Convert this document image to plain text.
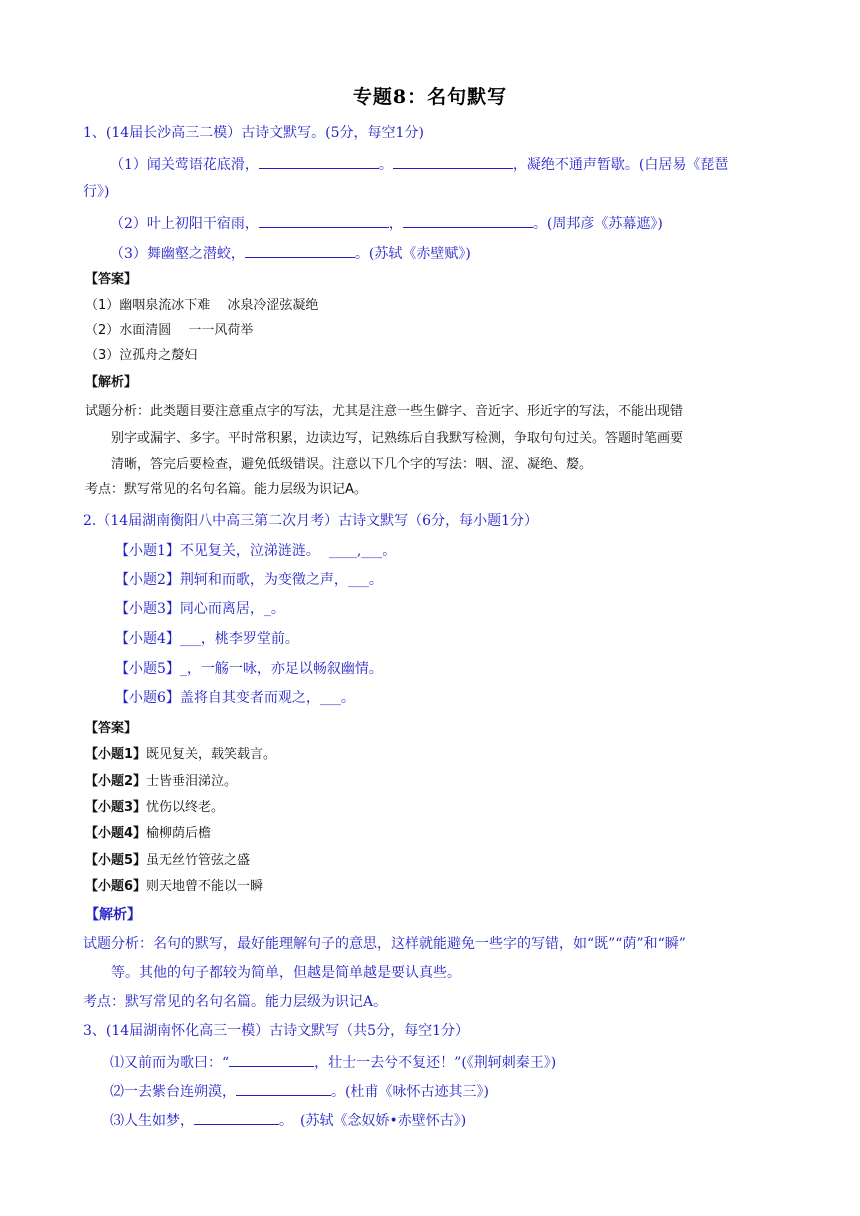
专题8：名句默写
1、(14届长沙高三二模）古诗文默写。(5分，每空1分)
（1）闻关莺语花底滑，	。	，凝绝不通声暂歇。(白居易《琵琶
行》)
（2）叶上初阳干宿雨，	，	。(周邦彦《苏幕遮》)
（3）舞幽壑之潜蛟，	。(苏轼《赤壁赋》)
【答案】
（1）幽咽泉流冰下难　 冰泉冷涩弦凝绝
（2）水面清圆　 一一风荷举
（3）泣孤舟之嫠妇
【解析】
试题分析：此类题目要注意重点字的写法，尤其是注意一些生僻字、音近字、形近字的写法，不能出现错
别字或漏字、多字。平时常积累，边读边写，记熟练后自我默写检测，争取句句过关。答题时笔画要
清晰，答完后要检查，避免低级错误。注意以下几个字的写法：咽、涩、凝绝、嫠。
考点：默写常见的名句名篇。能力层级为识记A。
2.（14届湖南衡阳八中高三第二次月考）古诗文默写（6分，每小题1分）
【小题1】不见复关，泣涕涟涟。 ____,___。
【小题2】荆轲和而歌，为变徵之声，___。
【小题3】同心而离居，_。
【小题4】___，桃李罗堂前。
【小题5】_，一觞一咏，亦足以畅叙幽情。
【小题6】盖将自其变者而观之，___。
【答案】
【小题1】既见复关，载笑载言。
【小题2】士皆垂泪涕泣。
【小题3】忧伤以终老。
【小题4】榆柳荫后檐
【小题5】虽无丝竹管弦之盛
【小题6】则天地曾不能以一瞬
【解析】
试题分析：名句的默写，最好能理解句子的意思，这样就能避免一些字的写错，如“既”“荫”和“瞬”
等。其他的句子都较为简单，但越是简单越是要认真些。
考点：默写常见的名句名篇。能力层级为识记A。
3、(14届湖南怀化高三一模）古诗文默写（共5分，每空1分）
⑴又前而为歌曰：“	，壮士一去兮不复还！”(《荆轲刺秦王》)
⑵一去紫台连朔漠，	。(杜甫《咏怀古迹其三》)
⑶人生如梦，	。　(苏轼《念奴娇•赤壁怀古》)
